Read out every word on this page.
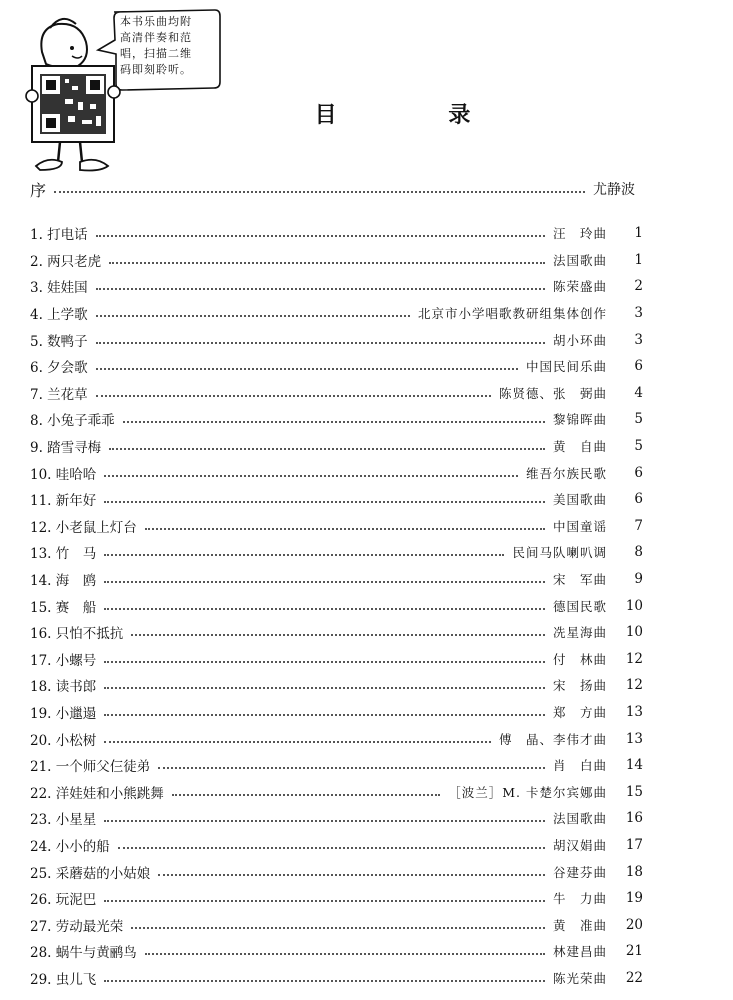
本书乐曲均附高清伴奏和范唱，扫描二维码即刻聆听。
目 录
序	尤静波
1. 打电话	汪　玲曲	1
2. 两只老虎	法国歌曲	1
3. 娃娃国	陈荣盛曲	2
4. 上学歌	北京市小学唱歌教研组集体创作	3
5. 数鸭子	胡小环曲	3
6. 夕会歌	中国民间乐曲	6
7. 兰花草	陈贤德、张　弼曲	4
8. 小兔子乖乖	黎锦晖曲	5
9. 踏雪寻梅	黄　自曲	5
10. 哇哈哈	维吾尔族民歌	6
11. 新年好	美国歌曲	6
12. 小老鼠上灯台	中国童谣	7
13. 竹　马	民间马队喇叭调	8
14. 海　鸥	宋　军曲	9
15. 赛　船	德国民歌	10
16. 只怕不抵抗	冼星海曲	10
17. 小螺号	付　林曲	12
18. 读书郎	宋　扬曲	12
19. 小邋遢	郑　方曲	13
20. 小松树	傅　晶、李伟才曲	13
21. 一个师父仨徒弟	肖　白曲	14
22. 洋娃娃和小熊跳舞	［波兰］M. 卡楚尔宾娜曲	15
23. 小星星	法国歌曲	16
24. 小小的船	胡汉娟曲	17
25. 采蘑菇的小姑娘	谷建芬曲	18
26. 玩泥巴	牛　力曲	19
27. 劳动最光荣	黄　准曲	20
28. 蜗牛与黄鹂鸟	林建昌曲	21
29. 虫儿飞	陈光荣曲	22
